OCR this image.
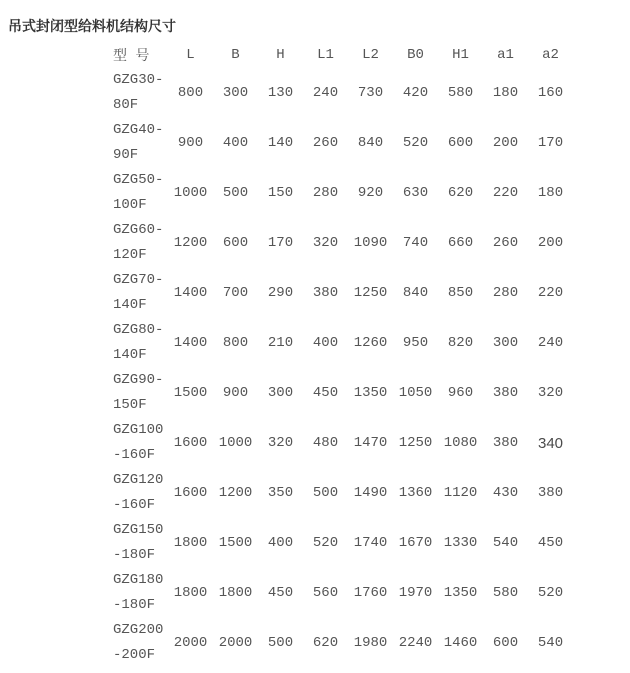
吊式封闭型给料机结构尺寸
型 号	L	B	H	L1	L2	B0	H1	a1	a2

GZG30-
80F	800	300	130	240	730	420	580	180	160

GZG40-
90F	900	400	140	260	840	520	600	200	170

GZG50-
100F	1000	500	150	280	920	630	620	220	180

GZG60-
120F	1200	600	170	320	1090	740	660	260	200

GZG70-
140F	1400	700	290	380	1250	840	850	280	220

GZG80-
140F	1400	800	210	400	1260	950	820	300	240

GZG90-
150F	1500	900	300	450	1350	1050	960	380	320

GZG100
-160F	1600	1000	320	480	1470	1250	1080	380	340

GZG120
-160F	1600	1200	350	500	1490	1360	1120	430	380

GZG150
-180F	1800	1500	400	520	1740	1670	1330	540	450

GZG180
-180F	1800	1800	450	560	1760	1970	1350	580	520

GZG200
-200F	2000	2000	500	620	1980	2240	1460	600	540
